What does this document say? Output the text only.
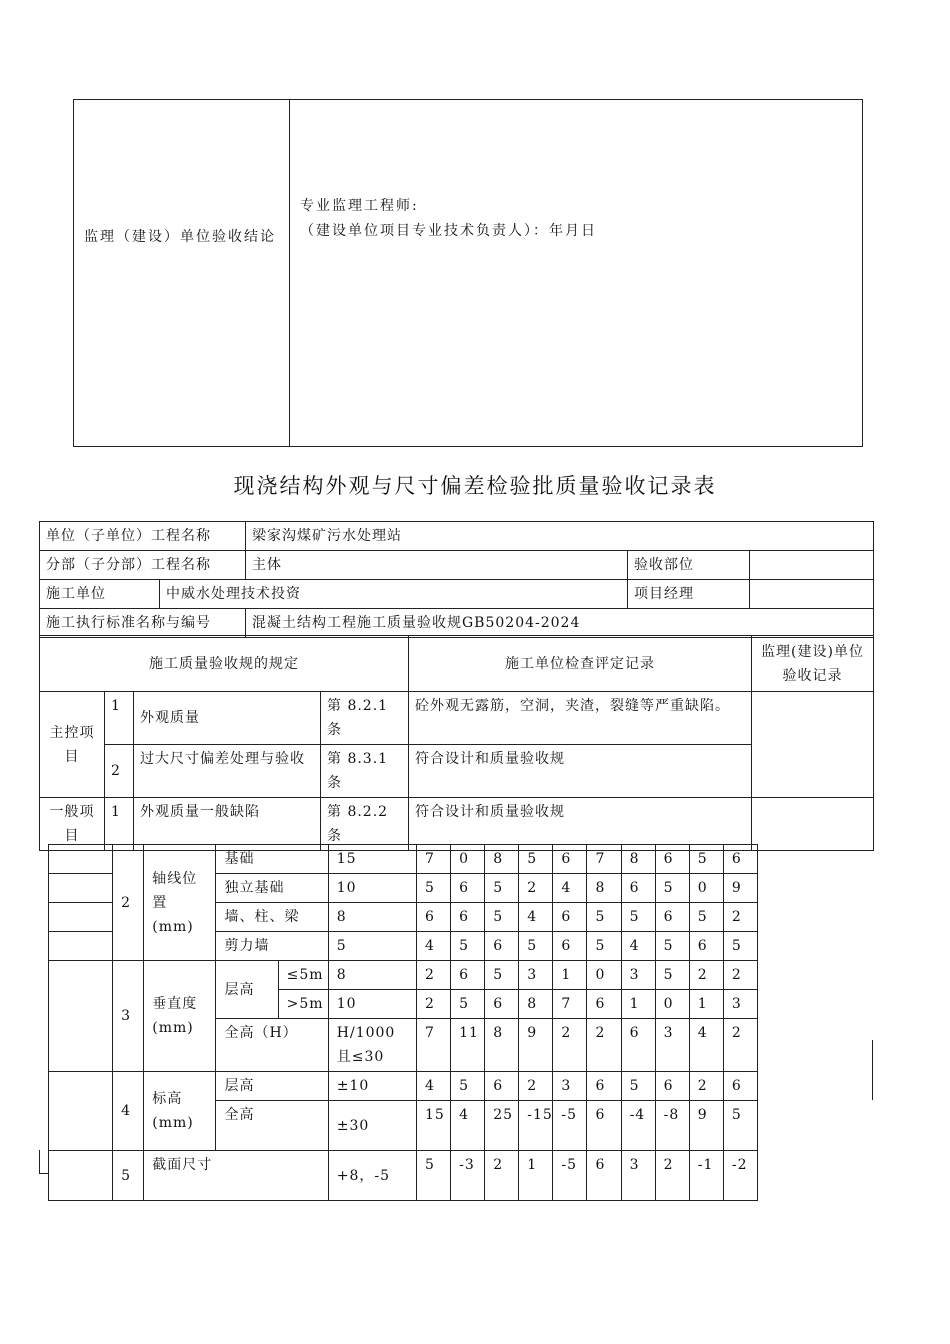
监理（建设）单位验收结论
专业监理工程师:
（建设单位项目专业技术负责人）：年月日
现浇结构外观与尺寸偏差检验批质量验收记录表
单位（子单位）工程名称		梁家沟煤矿污水处理站		
分部（子分部）工程名称		主体	验收部位	
施工单位	中威水处理技术投资		项目经理	
施工执行标准名称与编号		混凝土结构工程施工质量验收规GB50204-2024		
施工质量验收规的规定				施工单位检查评定记录	监理(建设)单位验收记录
主控项目	1	外观质量	第 8.2.1条	砼外观无露筋，空洞，夹渣，裂缝等严重缺陷。	
	2	过大尺寸偏差处理与验收	第 8.3.1条	符合设计和质量验收规	
一般项目	1	外观质量一般缺陷	第 8.2.2条	符合设计和质量验收规	
	2	轴线位置(mm)	基础		15	7	0	8	5	6	7	8	6	5	6
			独立基础		10	5	6	5	2	4	8	6	5	0	9
			墙、柱、梁		8	6	6	5	4	6	5	5	6	5	2
			剪力墙		5	4	5	6	5	6	5	4	5	6	5
	3	垂直度(mm)	层高	≤5m	8	2	6	5	3	1	0	3	5	2	2
				>5m	10	2	5	6	8	7	6	1	0	1	3
			全高（H）		H/1000 且≤30	7	11	8	9	2	2	6	3	4	2
	4	标高(mm)	层高		±10	4	5	6	2	3	6	5	6	2	6
			全高		±30	15	4	25	-15	-5	6	-4	-8	9	5
	5	截面尺寸			+8，-5	5	-3	2	1	-5	6	3	2	-1	-2
